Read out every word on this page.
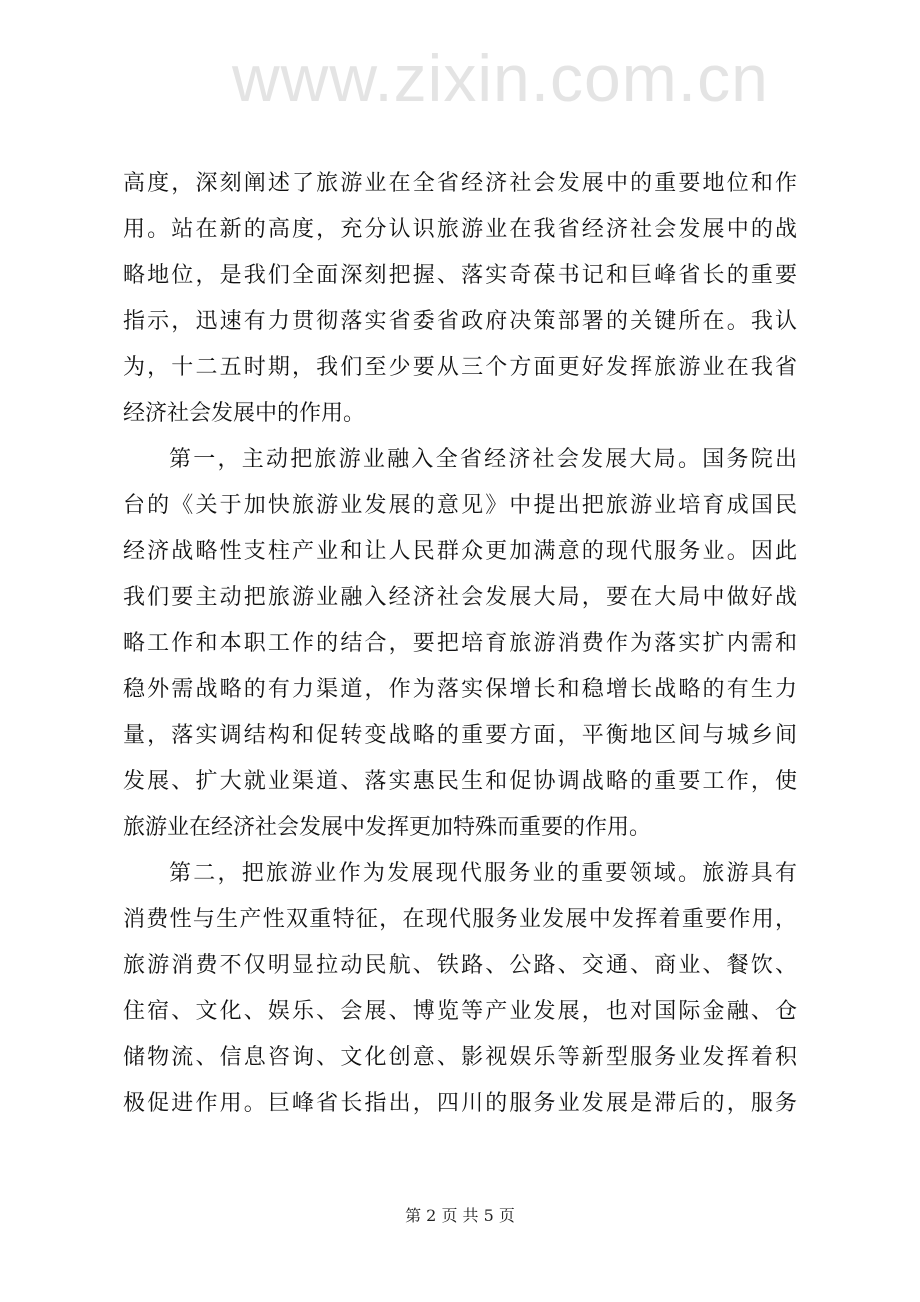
www.zixin.com.cn
高度，深刻阐述了旅游业在全省经济社会发展中的重要地位和作
用。站在新的高度，充分认识旅游业在我省经济社会发展中的战
略地位，是我们全面深刻把握、落实奇葆书记和巨峰省长的重要
指示，迅速有力贯彻落实省委省政府决策部署的关键所在。我认
为，十二五时期，我们至少要从三个方面更好发挥旅游业在我省
经济社会发展中的作用。
第一，主动把旅游业融入全省经济社会发展大局。国务院出
台的《关于加快旅游业发展的意见》中提出把旅游业培育成国民
经济战略性支柱产业和让人民群众更加满意的现代服务业。因此
我们要主动把旅游业融入经济社会发展大局，要在大局中做好战
略工作和本职工作的结合，要把培育旅游消费作为落实扩内需和
稳外需战略的有力渠道，作为落实保增长和稳增长战略的有生力
量，落实调结构和促转变战略的重要方面，平衡地区间与城乡间
发展、扩大就业渠道、落实惠民生和促协调战略的重要工作，使
旅游业在经济社会发展中发挥更加特殊而重要的作用。
第二，把旅游业作为发展现代服务业的重要领域。旅游具有
消费性与生产性双重特征，在现代服务业发展中发挥着重要作用，
旅游消费不仅明显拉动民航、铁路、公路、交通、商业、餐饮、
住宿、文化、娱乐、会展、博览等产业发展，也对国际金融、仓
储物流、信息咨询、文化创意、影视娱乐等新型服务业发挥着积
极促进作用。巨峰省长指出，四川的服务业发展是滞后的，服务
第 2 页 共 5 页
